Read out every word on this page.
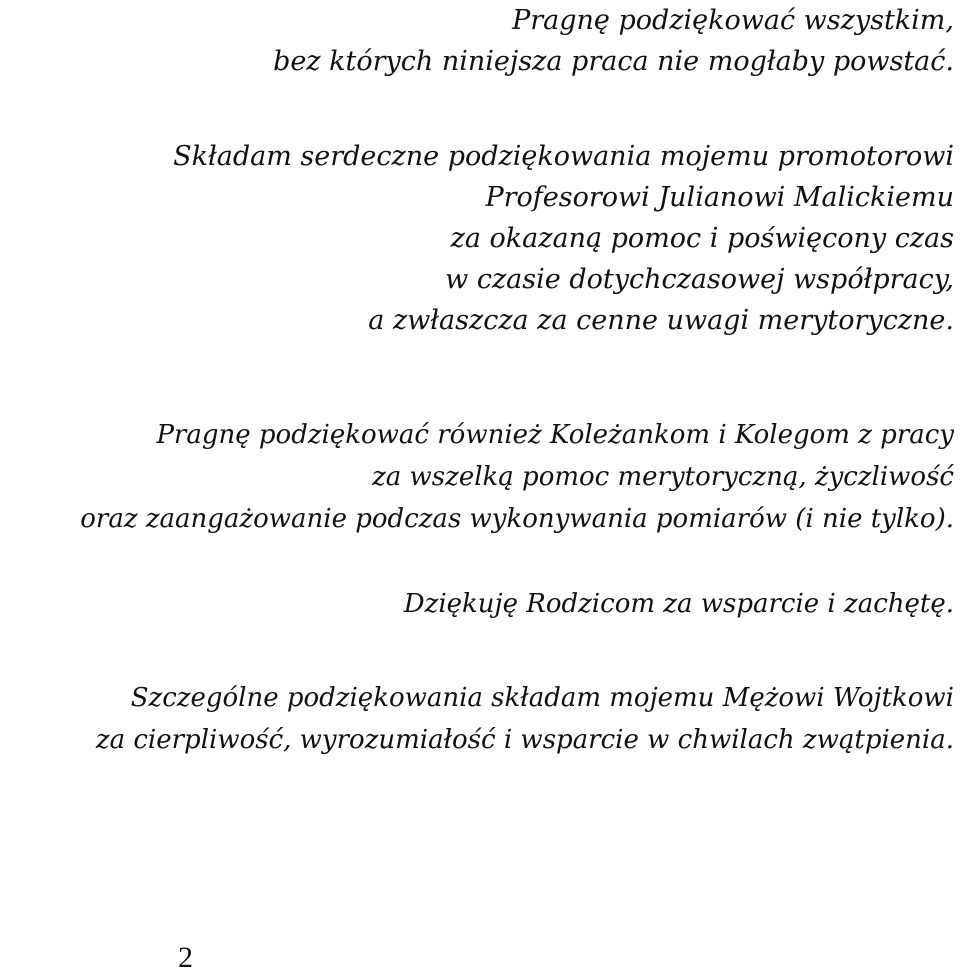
Pragnę podziękować wszystkim,
bez których niniejsza praca nie mogłaby powstać.
Składam serdeczne podziękowania mojemu promotorowi
Profesorowi Julianowi Malickiemu
za okazaną pomoc i poświęcony czas
w czasie dotychczasowej współpracy,
a zwłaszcza za cenne uwagi merytoryczne.
Pragnę podziękować również Koleżankom i Kolegom z pracy
za wszelką pomoc merytoryczną, życzliwość
oraz zaangażowanie podczas wykonywania pomiarów (i nie tylko).
Dziękuję Rodzicom za wsparcie i zachętę.
Szczególne podziękowania składam mojemu Mężowi Wojtkowi
za cierpliwość, wyrozumiałość i wsparcie w chwilach zwątpienia.
2
